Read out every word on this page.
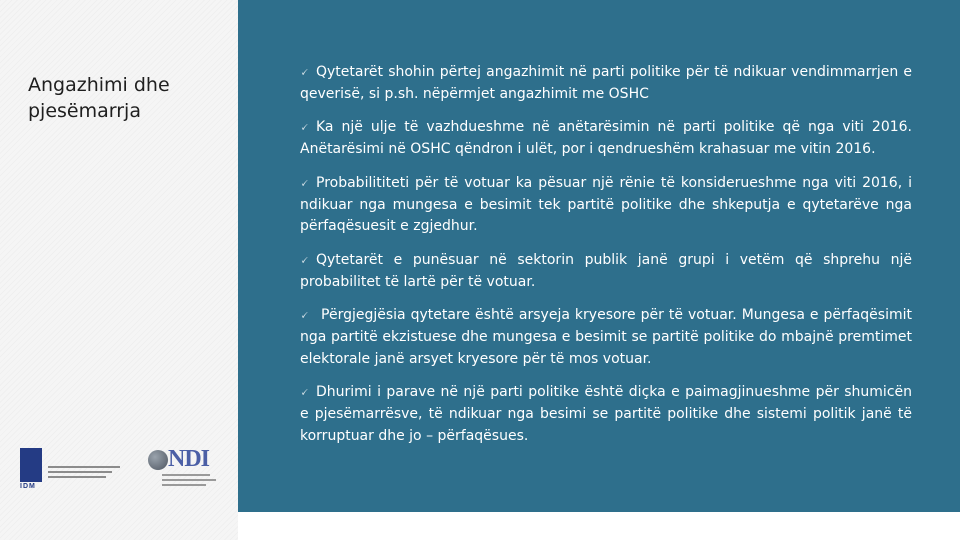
Angazhimi dhe pjesëmarrja
IDM
NDI
🗸 Qytetarët shohin përtej angazhimit në parti politike për të ndikuar vendimmarrjen e qeverisë, si p.sh. nëpërmjet angazhimit me OSHC
🗸 Ka një ulje të vazhdueshme në anëtarësimin në parti politike që nga viti 2016. Anëtarësimi në OSHC qëndron i ulët, por i qendrueshëm krahasuar me vitin 2016.
🗸 Probabilititeti për të votuar ka pësuar një rënie të konsiderueshme nga viti 2016, i ndikuar nga mungesa e besimit tek partitë politike dhe shkeputja e qytetarëve nga përfaqësuesit e zgjedhur.
🗸 Qytetarët e punësuar në sektorin publik janë grupi i vetëm që shprehu një probabilitet të lartë për të votuar.
🗸 Përgjegjësia qytetare është arsyeja kryesore për të votuar. Mungesa e përfaqësimit nga partitë ekzistuese dhe mungesa e besimit se partitë politike do mbajnë premtimet elektorale janë arsyet kryesore për të mos votuar.
🗸 Dhurimi i parave në një parti politike është diçka e paimagjinueshme për shumicën e pjesëmarrësve, të ndikuar nga besimi se partitë politike dhe sistemi politik janë të korruptuar dhe jo – përfaqësues.
